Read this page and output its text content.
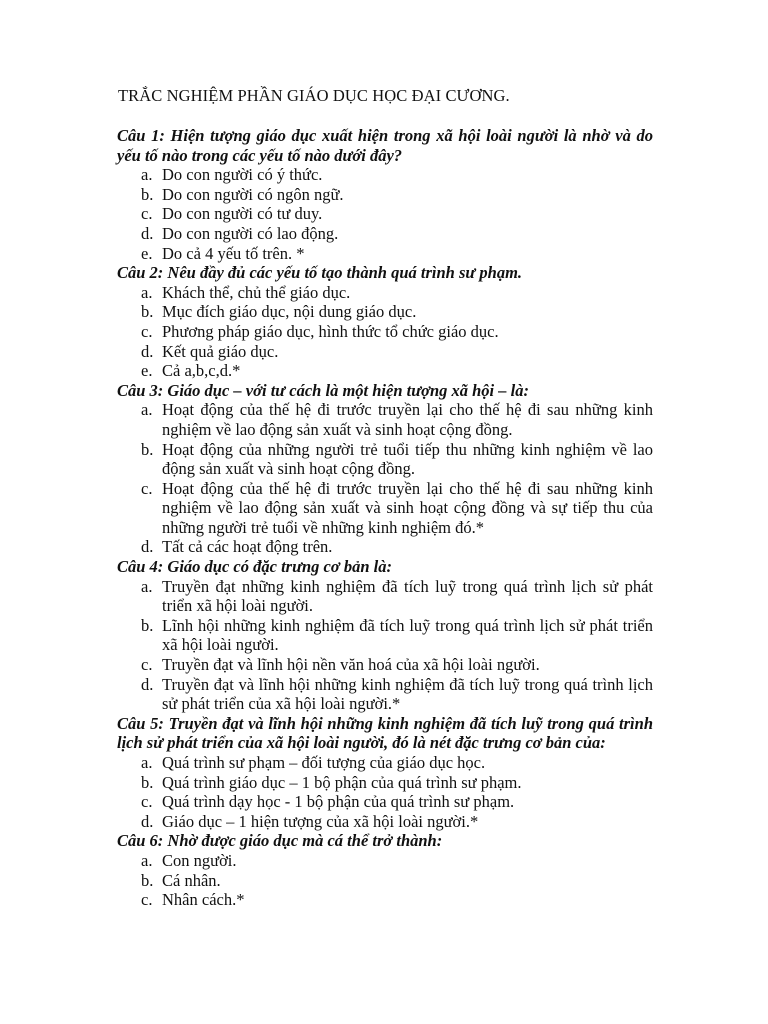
TRẮC NGHIỆM PHẦN GIÁO DỤC HỌC ĐẠI CƯƠNG.
Câu 1: Hiện tượng giáo dục xuất hiện trong xã hội loài người là nhờ và do yếu tố nào trong các yếu tố nào dưới đây?
a. Do con người có ý thức.
b. Do con người có ngôn ngữ.
c. Do con người có tư duy.
d. Do con người có lao động.
e. Do cả 4 yếu tố trên. *
Câu 2: Nêu đầy đủ các yếu tố tạo thành quá trình sư phạm.
a. Khách thể, chủ thể giáo dục.
b. Mục đích giáo dục, nội dung giáo dục.
c. Phương pháp giáo dục, hình thức tổ chức giáo dục.
d. Kết quả giáo dục.
e. Cả a,b,c,d.*
Câu 3: Giáo dục – với tư cách là một hiện tượng xã hội – là:
a. Hoạt động của thế hệ đi trước truyền lại cho thế hệ đi sau những kinh nghiệm về lao động sản xuất và sinh hoạt cộng đồng.
b. Hoạt động của những người trẻ tuổi tiếp thu những kinh nghiệm về lao động sản xuất và sinh hoạt cộng đồng.
c. Hoạt động của thế hệ đi trước truyền lại cho thế hệ đi sau những kinh nghiệm về lao động sản xuất và sinh hoạt cộng đồng và sự tiếp thu của những người trẻ tuổi về những kinh nghiệm đó.*
d. Tất cả các hoạt động trên.
Câu 4: Giáo dục có đặc trưng cơ bản là:
a. Truyền đạt những kinh nghiệm đã tích luỹ trong quá trình lịch sử phát triển xã hội loài người.
b. Lĩnh hội những kinh nghiệm đã tích luỹ trong quá trình lịch sử phát triển xã hội loài người.
c. Truyền đạt và lĩnh hội nền văn hoá của xã hội loài người.
d. Truyền đạt và lĩnh hội những kinh nghiệm đã tích luỹ trong quá trình lịch sử phát triển của xã hội loài người.*
Câu 5: Truyền đạt và lĩnh hội những kinh nghiệm đã tích luỹ trong quá trình lịch sử phát triển của xã hội loài người, đó là nét đặc trưng cơ bản của:
a. Quá trình sư phạm – đối tượng của giáo dục học.
b. Quá trình giáo dục – 1 bộ phận của quá trình sư phạm.
c. Quá trình dạy học - 1 bộ phận của quá trình sư phạm.
d. Giáo dục – 1 hiện tượng của xã hội loài người.*
Câu 6: Nhờ được giáo dục mà cá thể trở thành:
a. Con người.
b. Cá nhân.
c. Nhân cách.*
